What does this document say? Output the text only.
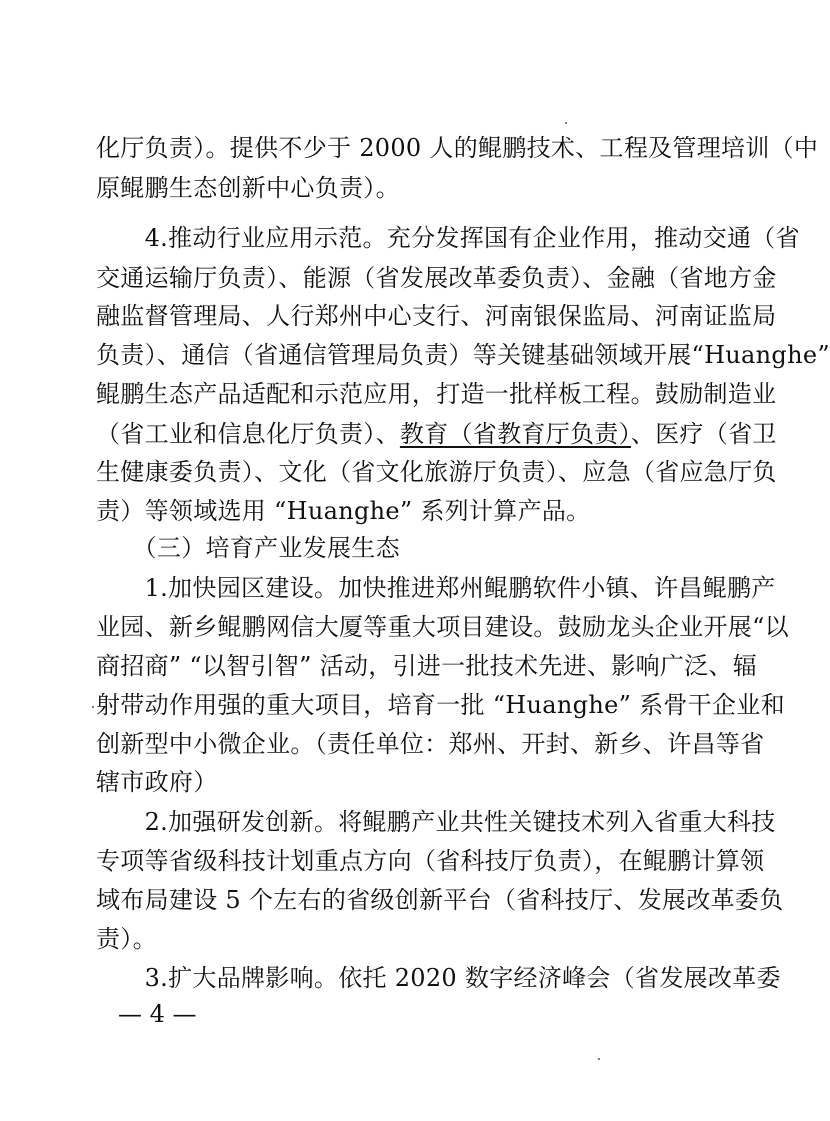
化厅负责）。提供不少于 2000 人的鲲鹏技术、工程及管理培训（中
原鲲鹏生态创新中心负责）。
　　4.推动行业应用示范。充分发挥国有企业作用，推动交通（省
交通运输厅负责）、能源（省发展改革委负责）、金融（省地方金
融监督管理局、人行郑州中心支行、河南银保监局、河南证监局
负责）、通信（省通信管理局负责）等关键基础领域开展“Huanghe”
鲲鹏生态产品适配和示范应用，打造一批样板工程。鼓励制造业
（省工业和信息化厅负责）、教育（省教育厅负责）、医疗（省卫
生健康委负责）、文化（省文化旅游厅负责）、应急（省应急厅负
责）等领域选用 “Huanghe” 系列计算产品。
　　（三）培育产业发展生态
　　1.加快园区建设。加快推进郑州鲲鹏软件小镇、许昌鲲鹏产
业园、新乡鲲鹏网信大厦等重大项目建设。鼓励龙头企业开展“以
商招商” “以智引智” 活动，引进一批技术先进、影响广泛、辐
射带动作用强的重大项目，培育一批 “Huanghe” 系骨干企业和
创新型中小微企业。（责任单位：郑州、开封、新乡、许昌等省
辖市政府）
　　2.加强研发创新。将鲲鹏产业共性关键技术列入省重大科技
专项等省级科技计划重点方向（省科技厅负责），在鲲鹏计算领
域布局建设 5 个左右的省级创新平台（省科技厅、发展改革委负
责）。
　　3.扩大品牌影响。依托 2020 数字经济峰会（省发展改革委
— 4 —
